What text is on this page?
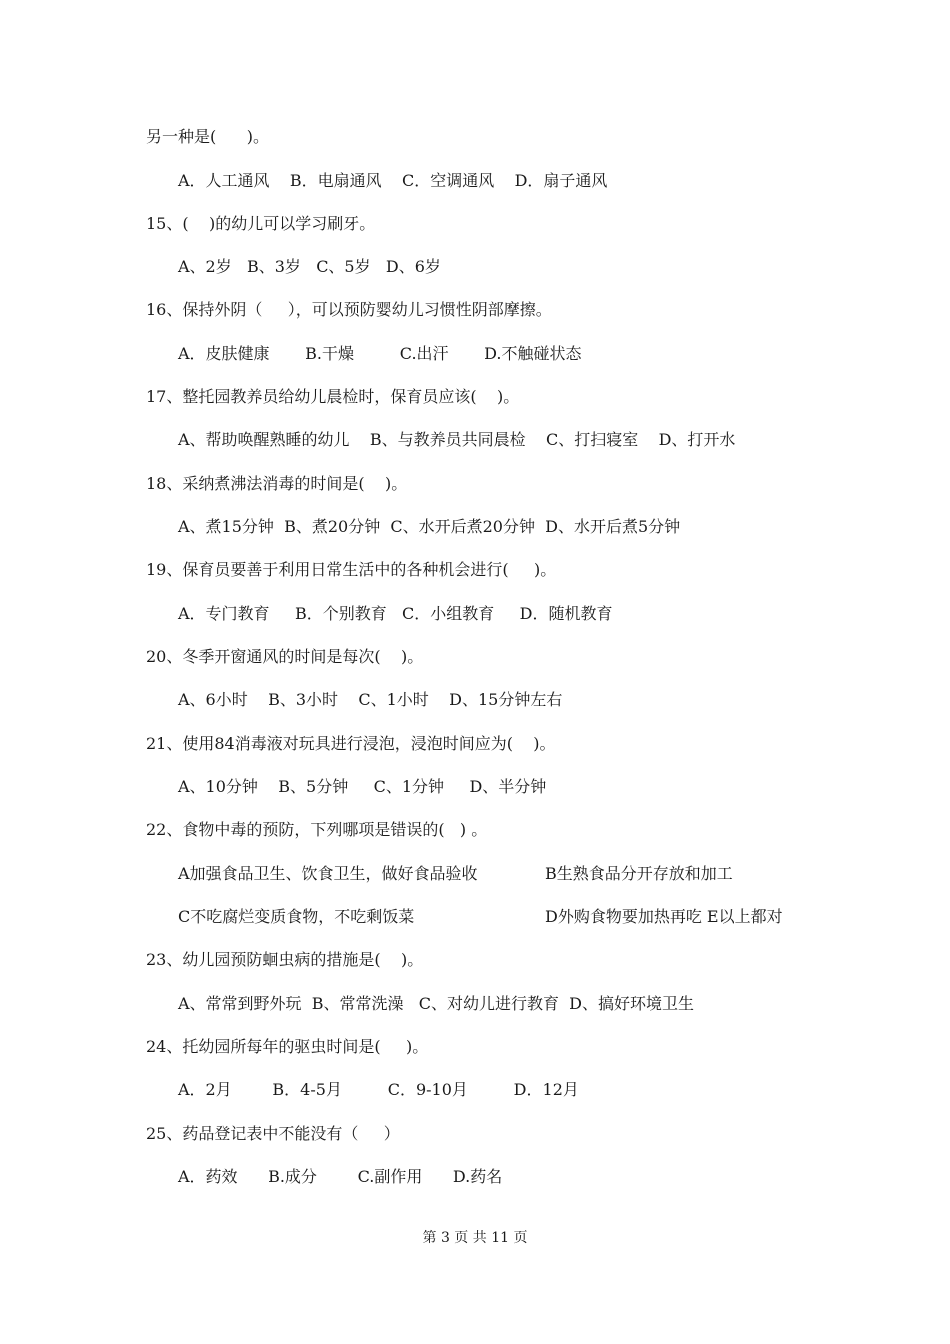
另一种是(      )。
A．人工通风    B．电扇通风    C．空调通风    D．扇子通风
15、(    )的幼儿可以学习刷牙。
A、2岁   B、3岁   C、5岁   D、6岁
16、保持外阴（     ），可以预防婴幼儿习惯性阴部摩擦。
A．皮肤健康       B.干燥         C.出汗       D.不触碰状态
17、整托园教养员给幼儿晨检时，保育员应该(    )。
A、帮助唤醒熟睡的幼儿    B、与教养员共同晨检    C、打扫寝室    D、打开水
18、采纳煮沸法消毒的时间是(    )。
A、煮15分钟  B、煮20分钟  C、水开后煮20分钟  D、水开后煮5分钟
19、保育员要善于利用日常生活中的各种机会进行(     )。
A．专门教育     B．个别教育   C．小组教育     D．随机教育
20、冬季开窗通风的时间是每次(    )。
A、6小时    B、3小时    C、1小时    D、15分钟左右
21、使用84消毒液对玩具进行浸泡，浸泡时间应为(    )。
A、10分钟    B、5分钟     C、1分钟     D、半分钟
22、食物中毒的预防，下列哪项是错误的(   ) 。
A加强食品卫生、饮食卫生，做好食品验收	B生熟食品分开存放和加工
C不吃腐烂变质食物，不吃剩饭菜	D外购食物要加热再吃 E以上都对
23、幼儿园预防蛔虫病的措施是(    )。
A、常常到野外玩  B、常常洗澡   C、对幼儿进行教育  D、搞好环境卫生
24、托幼园所每年的驱虫时间是(     )。
A．2月        B．4-5月         C．9-10月         D．12月
25、药品登记表中不能没有（     ）
A．药效      B.成分        C.副作用      D.药名
第 3 页 共 11 页
